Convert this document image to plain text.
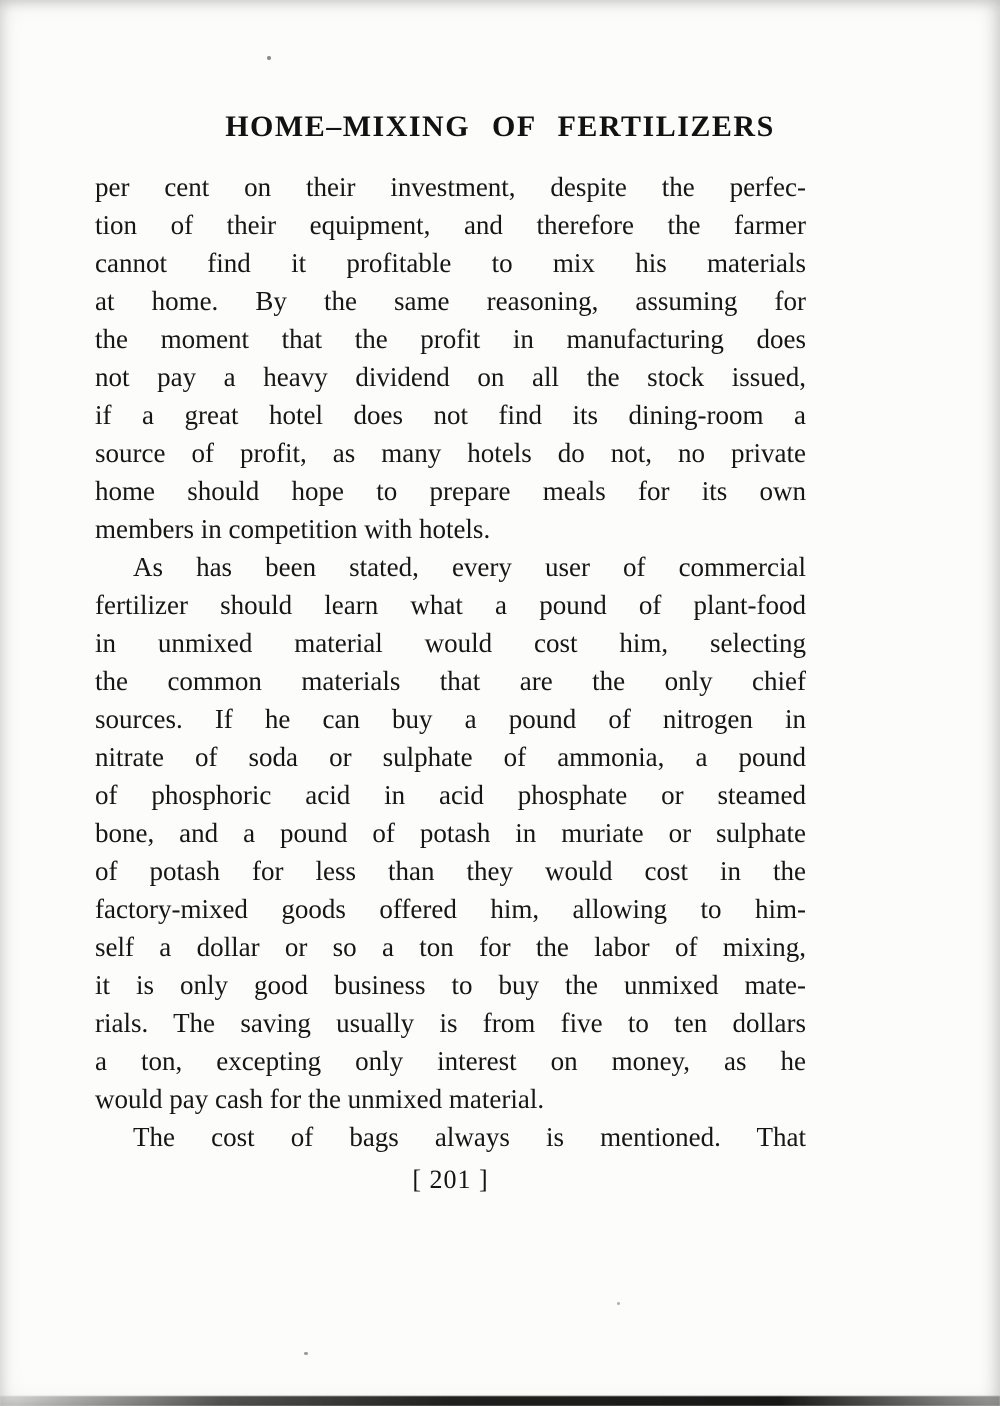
HOME–MIXING OF FERTILIZERS
per cent on their investment, despite the perfec-
tion of their equipment, and therefore the farmer
cannot find it profitable to mix his materials
at home. By the same reasoning, assuming for
the moment that the profit in manufacturing does
not pay a heavy dividend on all the stock issued,
if a great hotel does not find its dining-room a
source of profit, as many hotels do not, no private
home should hope to prepare meals for its own
members in competition with hotels.
As has been stated, every user of commercial
fertilizer should learn what a pound of plant-food
in unmixed material would cost him, selecting
the common materials that are the only chief
sources. If he can buy a pound of nitrogen in
nitrate of soda or sulphate of ammonia, a pound
of phosphoric acid in acid phosphate or steamed
bone, and a pound of potash in muriate or sulphate
of potash for less than they would cost in the
factory-mixed goods offered him, allowing to him-
self a dollar or so a ton for the labor of mixing,
it is only good business to buy the unmixed mate-
rials. The saving usually is from five to ten dollars
a ton, excepting only interest on money, as he
would pay cash for the unmixed material.
The cost of bags always is mentioned. That
[ 201 ]
